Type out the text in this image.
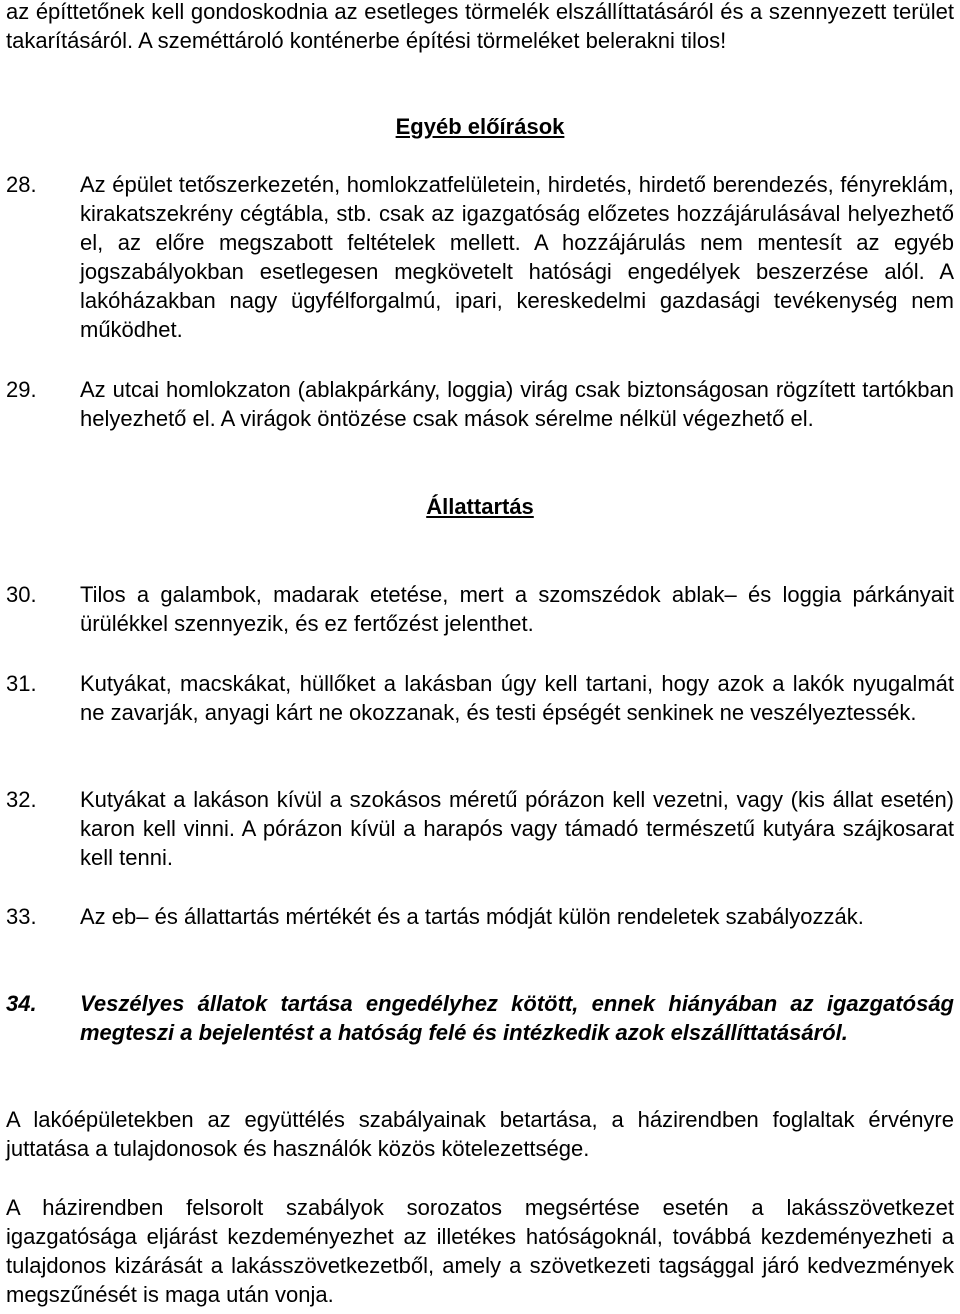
az építtetőnek kell gondoskodnia az esetleges törmelék elszállíttatásáról és a szennyezett terület takarításáról. A szeméttároló konténerbe építési törmeléket belerakni tilos!

Egyéb előírások
28.	Az épület tetőszerkezetén, homlokzatfelületein, hirdetés, hirdető berendezés, fényreklám, kirakatszekrény cégtábla, stb. csak az igazgatóság előzetes hozzájárulásával helyezhető el, az előre megszabott feltételek mellett. A hozzájárulás nem mentesít az egyéb jogszabályokban esetlegesen megkövetelt hatósági engedélyek beszerzése alól. A lakóházakban nagy ügyfélforgalmú, ipari, kereskedelmi gazdasági tevékenység nem működhet.

29.	Az utcai homlokzaton (ablakpárkány, loggia) virág csak biztonságosan rögzített tartókban helyezhető el. A virágok öntözése csak mások sérelme nélkül végezhető el.

Állattartás
30.	Tilos a galambok, madarak etetése, mert a szomszédok ablak– és loggia párkányait ürülékkel szennyezik, és ez fertőzést jelenthet.

31.	Kutyákat, macskákat, hüllőket a lakásban úgy kell tartani, hogy azok a lakók nyugalmát ne zavarják, anyagi kárt ne okozzanak, és testi épségét senkinek ne veszélyeztessék.

32.	Kutyákat a lakáson kívül a szokásos méretű pórázon kell vezetni, vagy (kis állat esetén) karon kell vinni. A pórázon kívül a harapós vagy támadó természetű kutyára szájkosarat kell tenni.

33.	Az eb– és állattartás mértékét és a tartás módját külön rendeletek szabályozzák.

34.	Veszélyes állatok tartása engedélyhez kötött, ennek hiányában az igazgatóság megteszi a bejelentést a hatóság felé és intézkedik azok elszállíttatásáról.

A lakóépületekben az együttélés szabályainak betartása, a házirendben foglaltak érvényre juttatása a tulajdonosok és használók közös kötelezettsége.

A házirendben felsorolt szabályok sorozatos megsértése esetén a lakásszövetkezet igazgatósága eljárást kezdeményezhet az illetékes hatóságoknál, továbbá kezdeményezheti a tulajdonos kizárását a lakásszövetkezetből, amely a szövetkezeti tagsággal járó kedvezmények megszűnését is maga után vonja.
